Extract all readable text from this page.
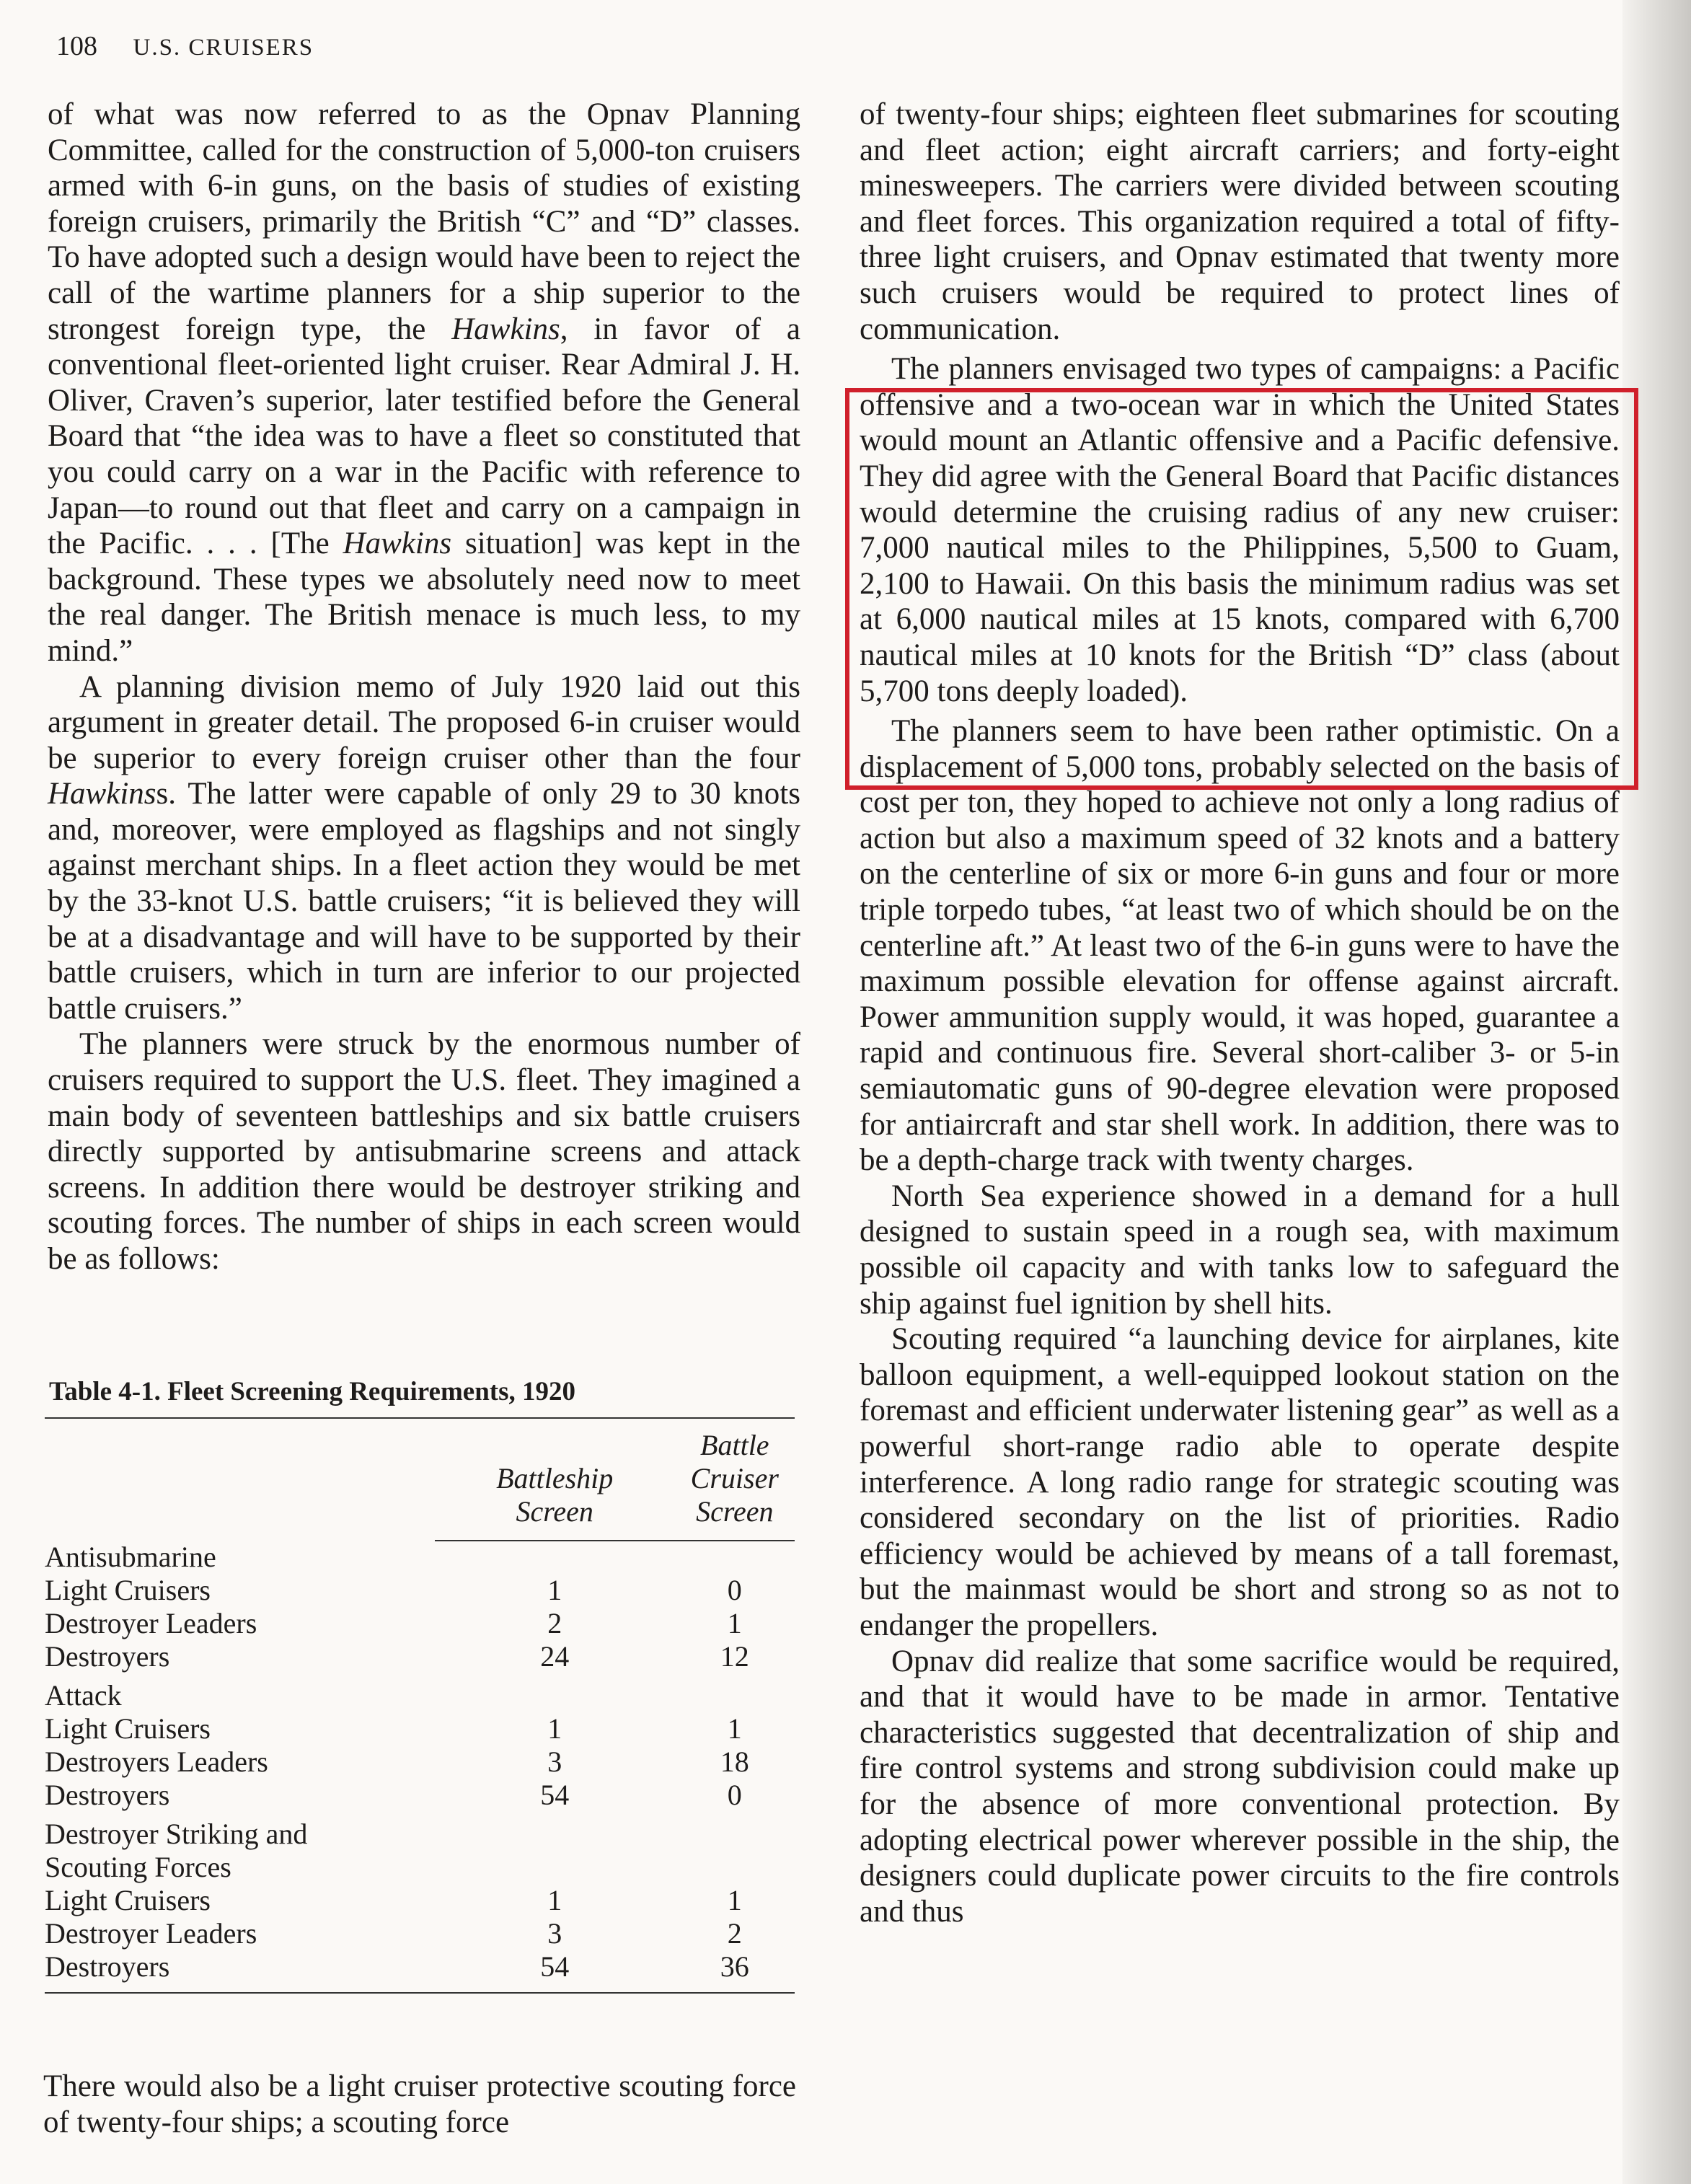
108 U.S. CRUISERS

of what was now referred to as the Opnav Planning Committee, called for the construction of 5,000-ton cruisers armed with 6-in guns, on the basis of studies of existing foreign cruisers, primarily the British “C” and “D” classes. To have adopted such a design would have been to reject the call of the wartime planners for a ship superior to the strongest foreign type, the Hawkins, in favor of a conventional fleet-oriented light cruiser. Rear Admiral J. H. Oliver, Craven’s superior, later testified before the General Board that “the idea was to have a fleet so constituted that you could carry on a war in the Pacific with reference to Japan—to round out that fleet and carry on a campaign in the Pacific. . . . [The Hawkins situation] was kept in the background. These types we absolutely need now to meet the real danger. The British menace is much less, to my mind.”

A planning division memo of July 1920 laid out this argument in greater detail. The proposed 6-in cruiser would be superior to every foreign cruiser other than the four Hawkinss. The latter were capable of only 29 to 30 knots and, moreover, were employed as flagships and not singly against merchant ships. In a fleet action they would be met by the 33-knot U.S. battle cruisers; “it is believed they will be at a disadvantage and will have to be supported by their battle cruisers, which in turn are inferior to our projected battle cruisers.”

The planners were struck by the enormous number of cruisers required to support the U.S. fleet. They imagined a main body of seventeen battleships and six battle cruisers directly supported by antisubmarine screens and attack screens. In addition there would be destroyer striking and scouting forces. The number of ships in each screen would be as follows:

Table 4-1. Fleet Screening Requirements, 1920
	Battleship Screen	Battle Cruiser Screen
Antisubmarine		
Light Cruisers	1	0
Destroyer Leaders	2	1
Destroyers	24	12

Attack		
Light Cruisers	1	1
Destroyers Leaders	3	18
Destroyers	54	0

Destroyer Striking and Scouting Forces		
Light Cruisers	1	1
Destroyer Leaders	3	2
Destroyers	54	36

There would also be a light cruiser protective scouting force of twenty-four ships; a scouting force

of twenty-four ships; eighteen fleet submarines for scouting and fleet action; eight aircraft carriers; and forty-eight minesweepers. The carriers were divided between scouting and fleet forces. This organization required a total of fifty-three light cruisers, and Opnav estimated that twenty more such cruisers would be required to protect lines of communication.

The planners envisaged two types of campaigns: a Pacific offensive and a two-ocean war in which the United States would mount an Atlantic offensive and a Pacific defensive. They did agree with the General Board that Pacific distances would determine the cruising radius of any new cruiser: 7,000 nautical miles to the Philippines, 5,500 to Guam, 2,100 to Hawaii. On this basis the minimum radius was set at 6,000 nautical miles at 15 knots, compared with 6,700 nautical miles at 10 knots for the British “D” class (about 5,700 tons deeply loaded).

The planners seem to have been rather optimistic. On a displacement of 5,000 tons, probably selected on the basis of cost per ton, they hoped to achieve not only a long radius of action but also a maximum speed of 32 knots and a battery on the centerline of six or more 6-in guns and four or more triple torpedo tubes, “at least two of which should be on the centerline aft.” At least two of the 6-in guns were to have the maximum possible elevation for offense against aircraft. Power ammunition supply would, it was hoped, guarantee a rapid and continuous fire. Several short-caliber 3- or 5-in semiautomatic guns of 90-degree elevation were proposed for antiaircraft and star shell work. In addition, there was to be a depth-charge track with twenty charges.

North Sea experience showed in a demand for a hull designed to sustain speed in a rough sea, with maximum possible oil capacity and with tanks low to safeguard the ship against fuel ignition by shell hits.

Scouting required “a launching device for airplanes, kite balloon equipment, a well-equipped lookout station on the foremast and efficient underwater listening gear” as well as a powerful short-range radio able to operate despite interference. A long radio range for strategic scouting was considered secondary on the list of priorities. Radio efficiency would be achieved by means of a tall foremast, but the mainmast would be short and strong so as not to endanger the propellers.

Opnav did realize that some sacrifice would be required, and that it would have to be made in armor. Tentative characteristics suggested that decentralization of ship and fire control systems and strong subdivision could make up for the absence of more conventional protection. By adopting electrical power wherever possible in the ship, the designers could duplicate power circuits to the fire controls and thus
